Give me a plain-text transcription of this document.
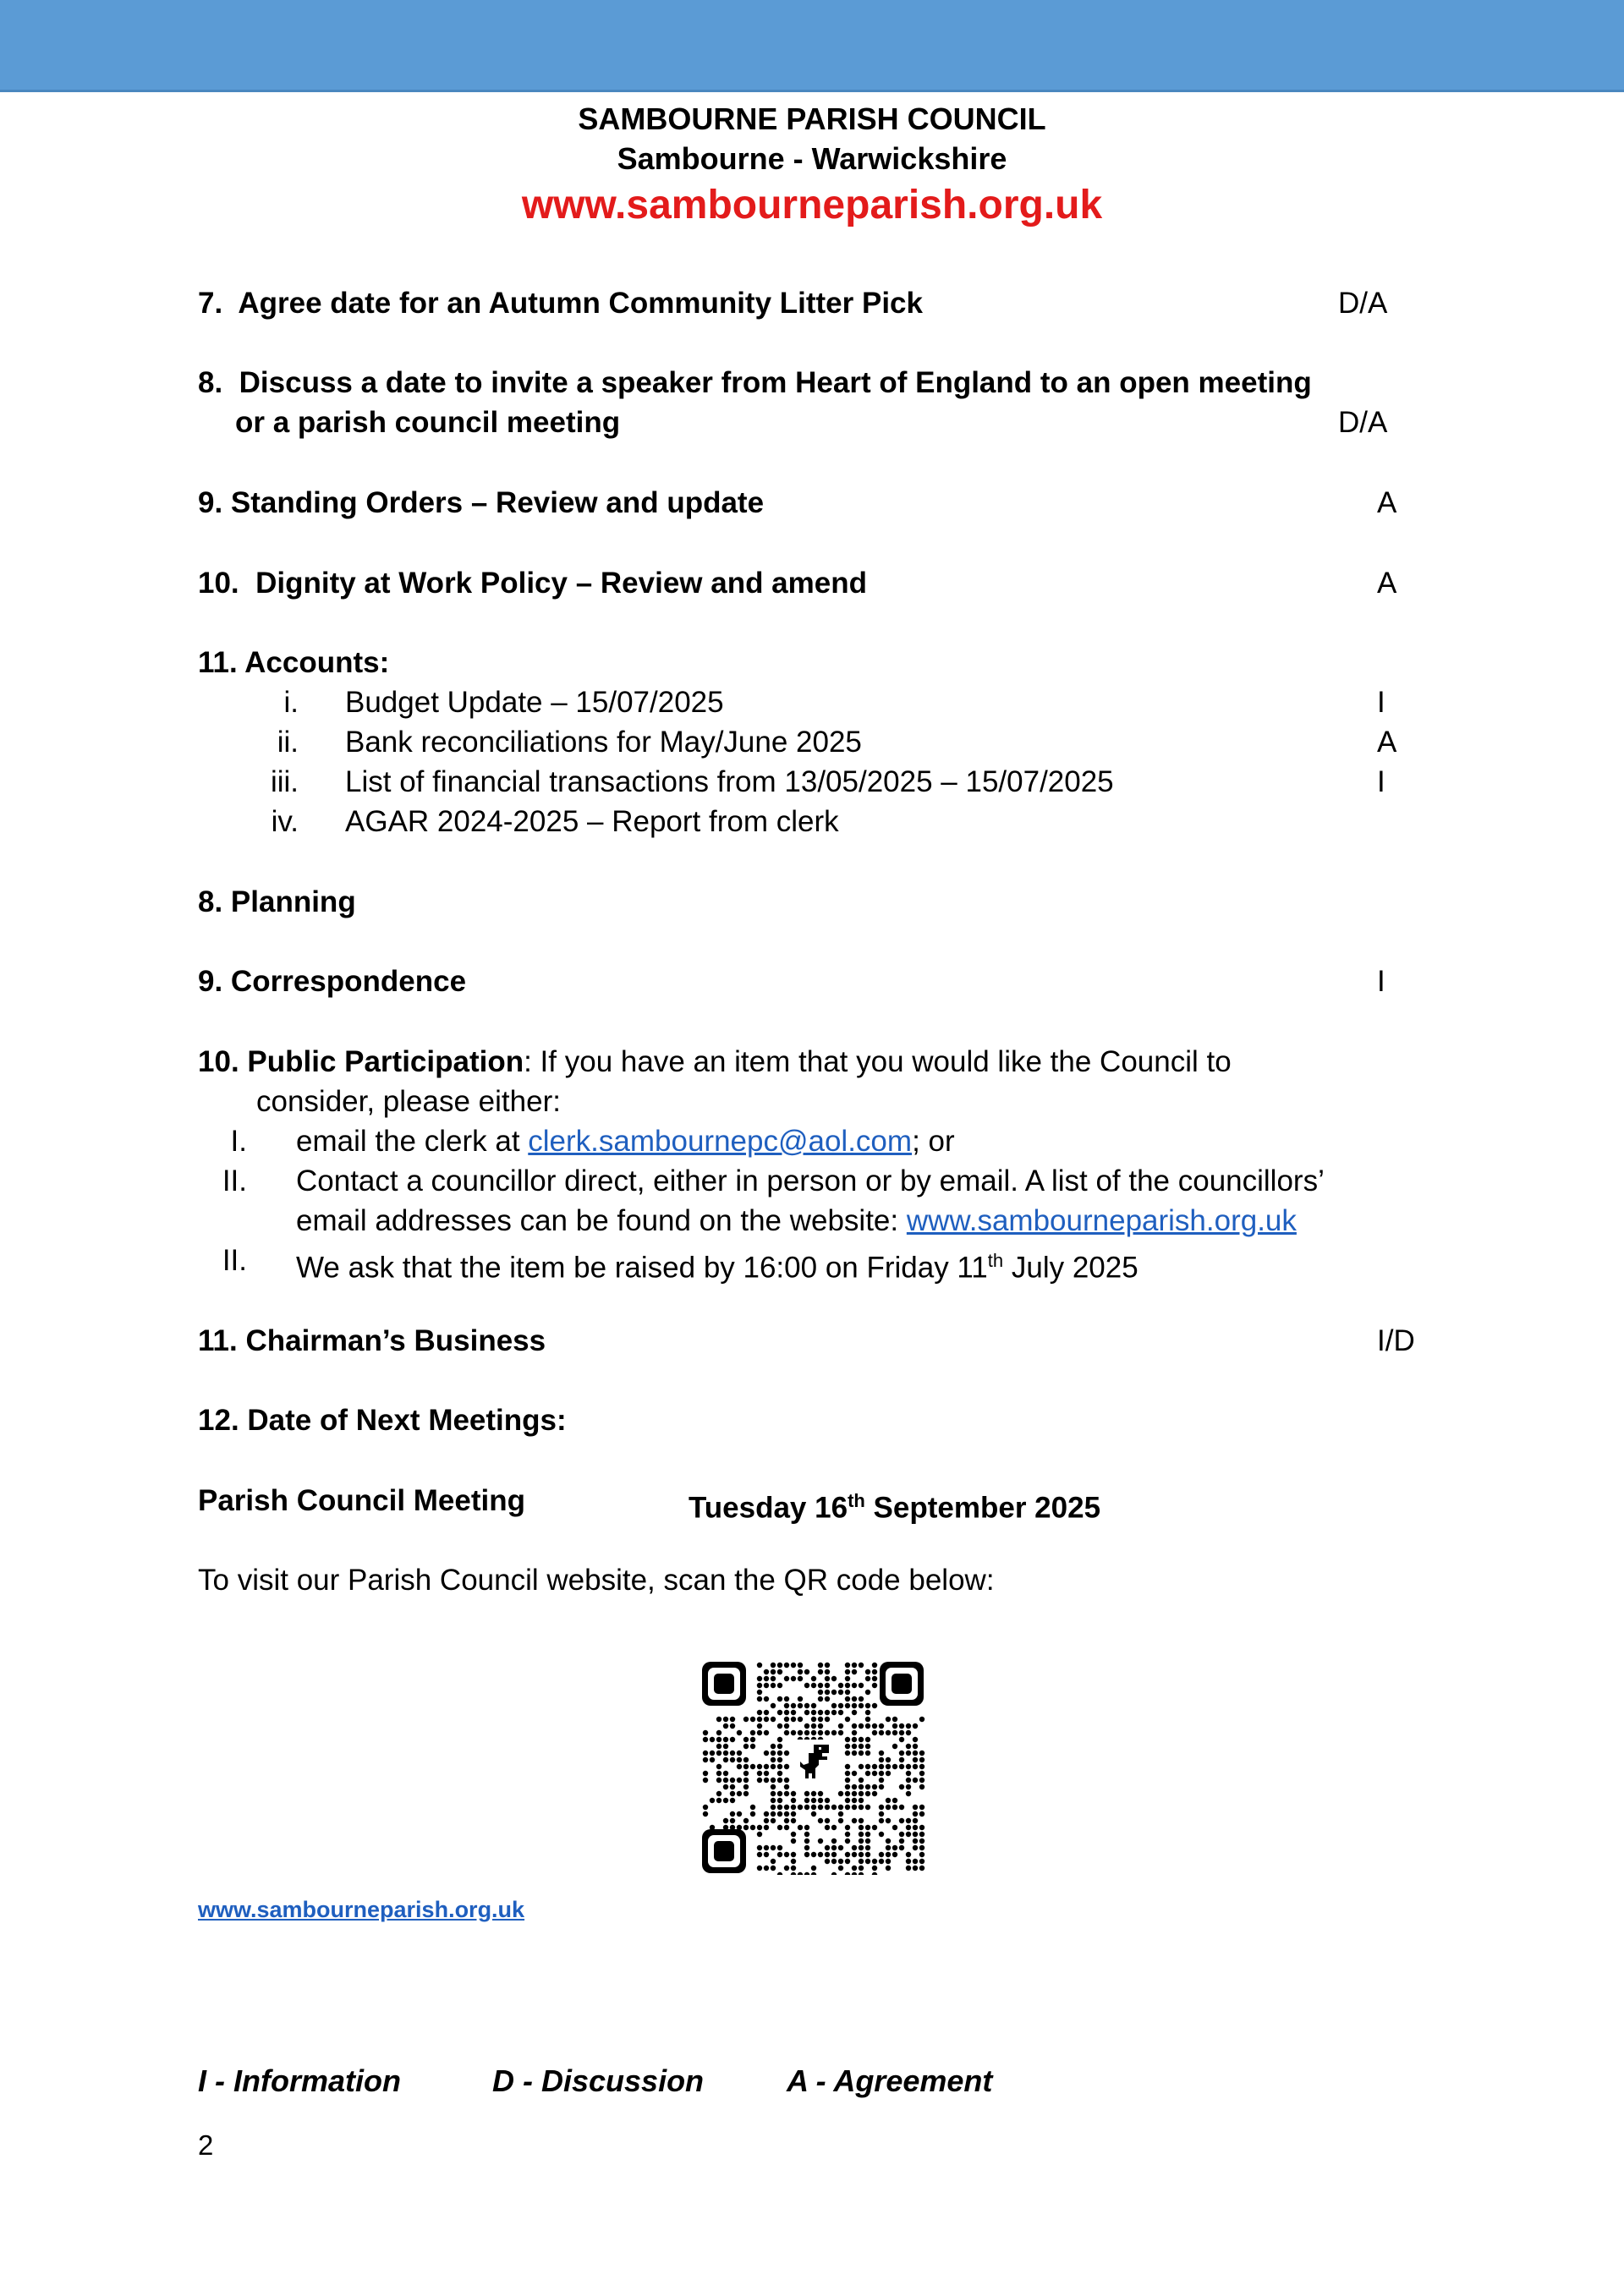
SAMBOURNE PARISH COUNCIL
Sambourne - Warwickshire
www.sambourneparish.org.uk
7. Agree date for an Autumn Community Litter Pick	D/A
8. Discuss a date to invite a speaker from Heart of England to an open meeting
or a parish council meeting	D/A
9. Standing Orders – Review and update	A
10. Dignity at Work Policy – Review and amend	A
11. Accounts:
i. Budget Update – 15/07/2025	I
ii. Bank reconciliations for May/June 2025	A
iii. List of financial transactions from 13/05/2025 – 15/07/2025	I
iv. AGAR 2024-2025 – Report from clerk
8. Planning
9. Correspondence	I
10. Public Participation: If you have an item that you would like the Council to
consider, please either:
I. email the clerk at clerk.sambournepc@aol.com; or
II. Contact a councillor direct, either in person or by email. A list of the councillors’
email addresses can be found on the website: www.sambourneparish.org.uk
II. We ask that the item be raised by 16:00 on Friday 11th July 2025
11. Chairman’s Business	I/D
12. Date of Next Meetings:
Parish Council Meeting	Tuesday 16th September 2025
To visit our Parish Council website, scan the QR code below:
www.sambourneparish.org.uk
I - Information	D - Discussion	A - Agreement
2
